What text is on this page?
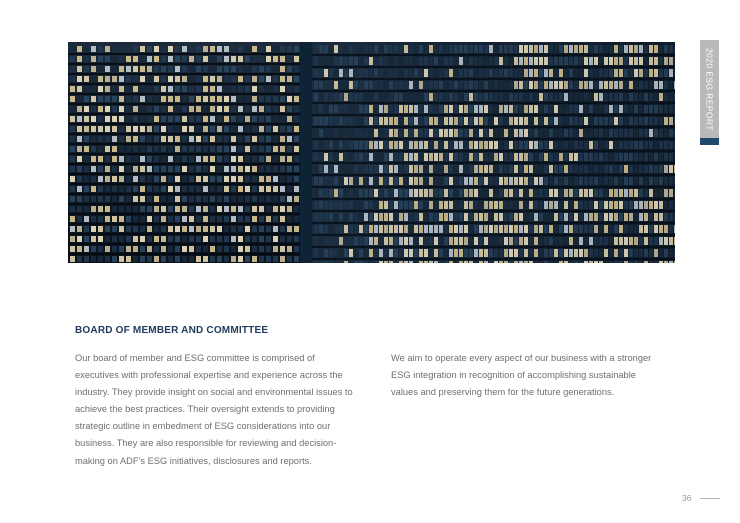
2020 ESG REPORT
BOARD OF MEMBER AND COMMITTEE
Our board of member and ESG committee is comprised of executives with professional expertise and experience across the industry. They provide insight on social and environmental issues to achieve the best practices. Their oversight extends to providing strategic outline in embedment of ESG considerations into our business. They are also responsible for reviewing and decision-making on ADF's ESG initiatives, disclosures and reports.
We aim to operate every aspect of our business with a stronger ESG integration in recognition of accomplishing sustainable values and preserving them for the future generations.
36
